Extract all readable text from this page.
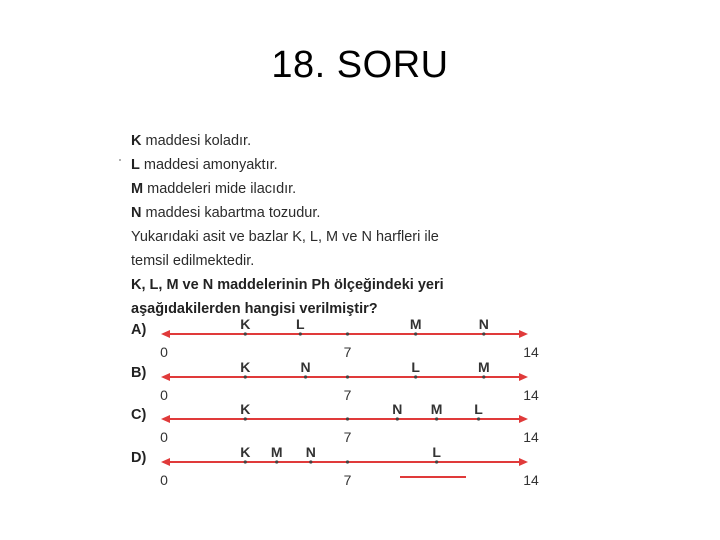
18. SORU
K maddesi koladır.
L maddesi amonyaktır.
M maddeleri mide ilacıdır.
N maddesi kabartma tozudur.
Yukarıdaki asit ve bazlar K, L, M ve N harfleri ile
temsil edilmektedir.
K, L, M ve N maddelerinin Ph ölçeğindeki yeri
aşağıdakilerden hangisi verilmiştir?
A)	K	L	M	N
0	7	14
B)	K	N	L	M
0	7	14
C)	K	N M L
0	7	14
D)	K M N	L
0	7	14
